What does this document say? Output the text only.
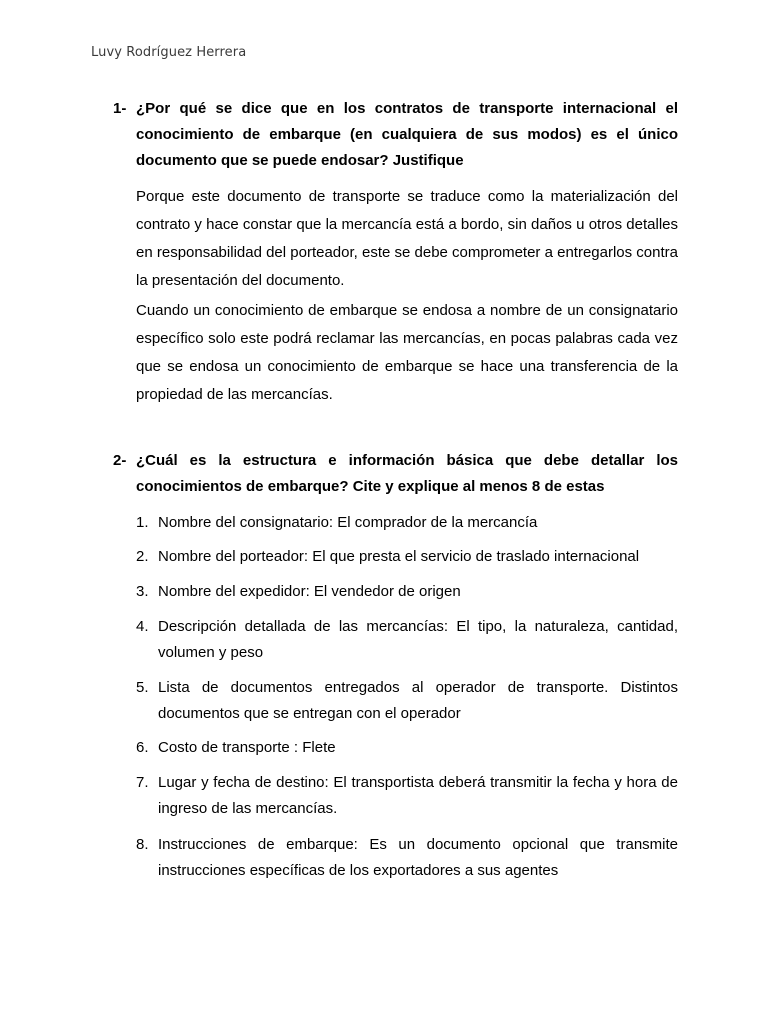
Luvy Rodríguez Herrera
1- ¿Por qué se dice que en los contratos de transporte internacional el conocimiento de embarque (en cualquiera de sus modos) es el único documento que se puede endosar? Justifique
Porque este documento de transporte se traduce como la materialización del contrato y hace constar que la mercancía está a bordo, sin daños u otros detalles en responsabilidad del porteador, este se debe comprometer a entregarlos contra la presentación del documento.
Cuando un conocimiento de embarque se endosa a nombre de un consignatario específico solo este podrá reclamar las mercancías, en pocas palabras cada vez que se endosa un conocimiento de embarque se hace una transferencia de la propiedad de las mercancías.
2- ¿Cuál es la estructura e información básica que debe detallar los conocimientos de embarque? Cite y explique al menos 8 de estas
1. Nombre del consignatario: El comprador de la mercancía
2. Nombre del porteador: El que presta el servicio de traslado internacional
3. Nombre del expedidor: El vendedor de origen
4. Descripción detallada de las mercancías: El tipo, la naturaleza, cantidad, volumen y peso
5. Lista de documentos entregados al operador de transporte. Distintos documentos que se entregan con el operador
6. Costo de transporte : Flete
7. Lugar y fecha de destino: El transportista deberá transmitir la fecha y hora de ingreso de las mercancías.
8. Instrucciones de embarque: Es un documento opcional que transmite instrucciones específicas de los exportadores a sus agentes
